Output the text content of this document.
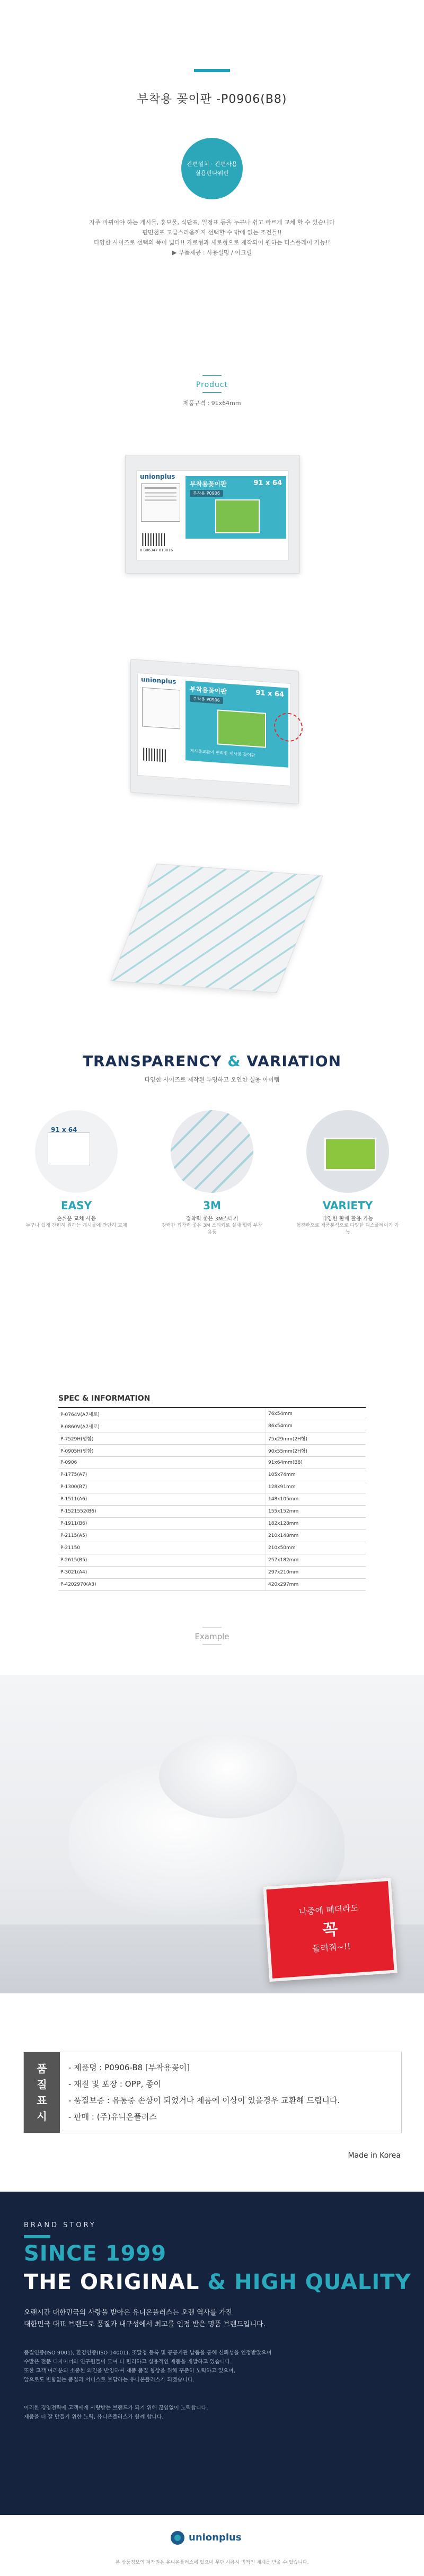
부착용 꽂이판 -P0906(B8)
간편설치 · 간편사용
실용판다위판
자주 바뀌어야 하는 게시물, 홍보물, 식단표, 일정표 등을 누구나 쉽고 빠르게 교체 할 수 있습니다
편면첩포 고급스러움까지 선택할 수 밖에 없는 조건들!!
다양한 사이즈로 선택의 폭이 넓다!! 가로형과 세로형으로 제작되어 원하는 디스플레이 가능!!
▶ 부품제공 : 사용설명 / 이크릴
Product
제품규격 : 91x64mm
unionplus
부착용꽂이판	91 x 64
부착용 P0906
8 806347 013016
unionplus
부착용꽂이판	91 x 64
부착용 P0906
게시물교환이 편리한 재사용 꽂이판
TRANSPARENCY & VARIATION
다양한 사이즈로 제작된 투명하고 오인한 실용 아이템
91 x 64
EASY
손쉬운 교체 사용
누구나 쉽게 간편히 원하는 게시물에 간단히 교체
3M
접착력 좋은 3M스티커
강력한 접착력 좋은 3M 스티커로 실제 협력 부착 용품
VARIETY
다양한 판매 활용 가능
형광판으로 제품분석으로 다양한 디스플레이가 가능
SPEC & INFORMATION
P-0764V(A7세로)	76x54mm
P-0860V(A7세로)	86x54mm
P-7529H(명함)	75x29mm(2H형)
P-0905H(명함)	90x55mm(2H형)
P-0906	91x64mm(B8)
P-1775(A7)	105x74mm
P-1300(B7)	128x91mm
P-1511(A6)	148x105mm
P-1521552(B6)	155x152mm
P-1911(B6)	182x128mm
P-2115(A5)	210x148mm
P-21150	210x50mm
P-2615(B5)	257x182mm
P-3021(A4)	297x210mm
P-4202970(A3)	420x297mm
Example
나중에 떼더라도
꼭
돌려줘~!!
품
질
표
시
- 제품명 : P0906-B8 [부착용꽂이]
- 재질 및 포장 : OPP, 종이
- 품질보증 : 유통중 손상이 되었거나 제품에 이상이 있을경우 교환해 드립니다.
- 판매 : (주)유니온플러스
Made in Korea
BRAND STORY
SINCE 1999
THE ORIGINAL & HIGH QUALITY
오랜시간 대한민국의 사랑을 받아온 유니온플러스는 오랜 역사를 가진
대한민국 대표 브랜드로 품질과 내구성에서 최고를 인정 받은 명품 브랜드입니다.
품질인증(ISO 9001), 환경인증(ISO 14001), 조달청 등록 및 공공기관 납품을 통해 신뢰성을 인정받았으며
수많은 전문 디자이너와 연구원들이 모여 더 편리하고 실용적인 제품을 개발하고 있습니다.
또한 고객 여러분의 소중한 의견을 반영하여 제품 품질 향상을 위해 꾸준히 노력하고 있으며,
앞으로도 변함없는 품질과 서비스로 보답하는 유니온플러스가 되겠습니다.
이러한 경영전략에 고객에게 사랑받는 브랜드가 되기 위해 끊임없이 노력합니다.
제품을 더 잘 만들기 위한 노력, 유니온플러스가 함께 합니다.
unionplus
본 상품정보의 저작권은 유니온플러스에 있으며 무단 사용시 법적인 제재를 받을 수 있습니다.
